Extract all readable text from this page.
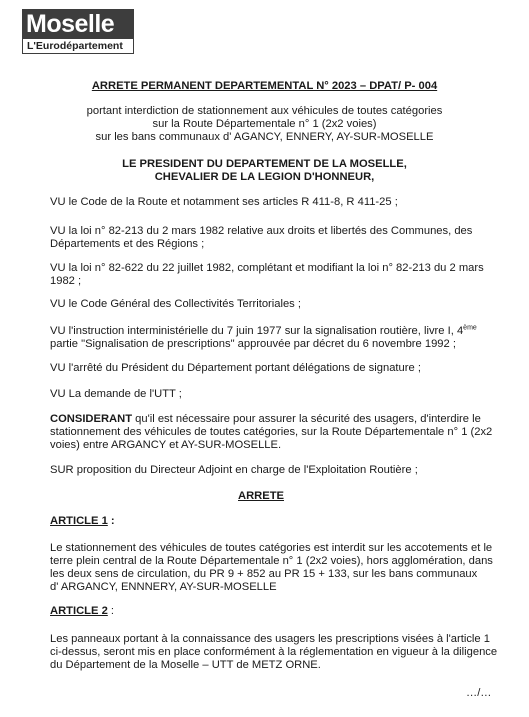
Moselle
L'Eurodépartement
ARRETE PERMANENT DEPARTEMENTAL N° 2023 – DPAT/ P- 004
portant interdiction de stationnement aux véhicules de toutes catégories
sur la Route Départementale n° 1 (2x2 voies)
sur les bans communaux d' AGANCY, ENNERY, AY-SUR-MOSELLE
LE PRESIDENT DU DEPARTEMENT DE LA MOSELLE,
CHEVALIER DE LA LEGION D'HONNEUR,
VU le Code de la Route et notamment ses articles R 411-8, R 411-25 ;
VU la loi n° 82-213 du 2 mars 1982 relative aux droits et libertés des Communes, des
Départements et des Régions ;
VU la loi n° 82-622 du 22 juillet 1982, complétant et modifiant la loi n° 82-213 du 2 mars
1982 ;
VU le Code Général des Collectivités Territoriales ;
VU l'instruction interministérielle du 7 juin 1977 sur la signalisation routière, livre I, 4ème
partie "Signalisation de prescriptions" approuvée par décret du 6 novembre 1992 ;
VU l'arrêté du Président du Département portant délégations de signature ;
VU La demande de l'UTT ;
CONSIDERANT qu'il est nécessaire pour assurer la sécurité des usagers, d'interdire le
stationnement des véhicules de toutes catégories, sur la Route Départementale n° 1 (2x2
voies) entre ARGANCY et AY-SUR-MOSELLE.
SUR proposition du Directeur Adjoint en charge de l'Exploitation Routière ;
ARRETE
ARTICLE 1 :
Le stationnement des véhicules de toutes catégories est interdit sur les accotements et le
terre plein central de la Route Départementale n° 1 (2x2 voies), hors agglomération, dans
les deux sens de circulation, du PR 9 + 852 au PR 15 + 133, sur les bans communaux
d' ARGANCY, ENNNERY, AY-SUR-MOSELLE
ARTICLE 2 :
Les panneaux portant à la connaissance des usagers les prescriptions visées à l'article 1
ci-dessus, seront mis en place conformément à la réglementation en vigueur à la diligence
du Département de la Moselle – UTT de METZ ORNE.
…/…
